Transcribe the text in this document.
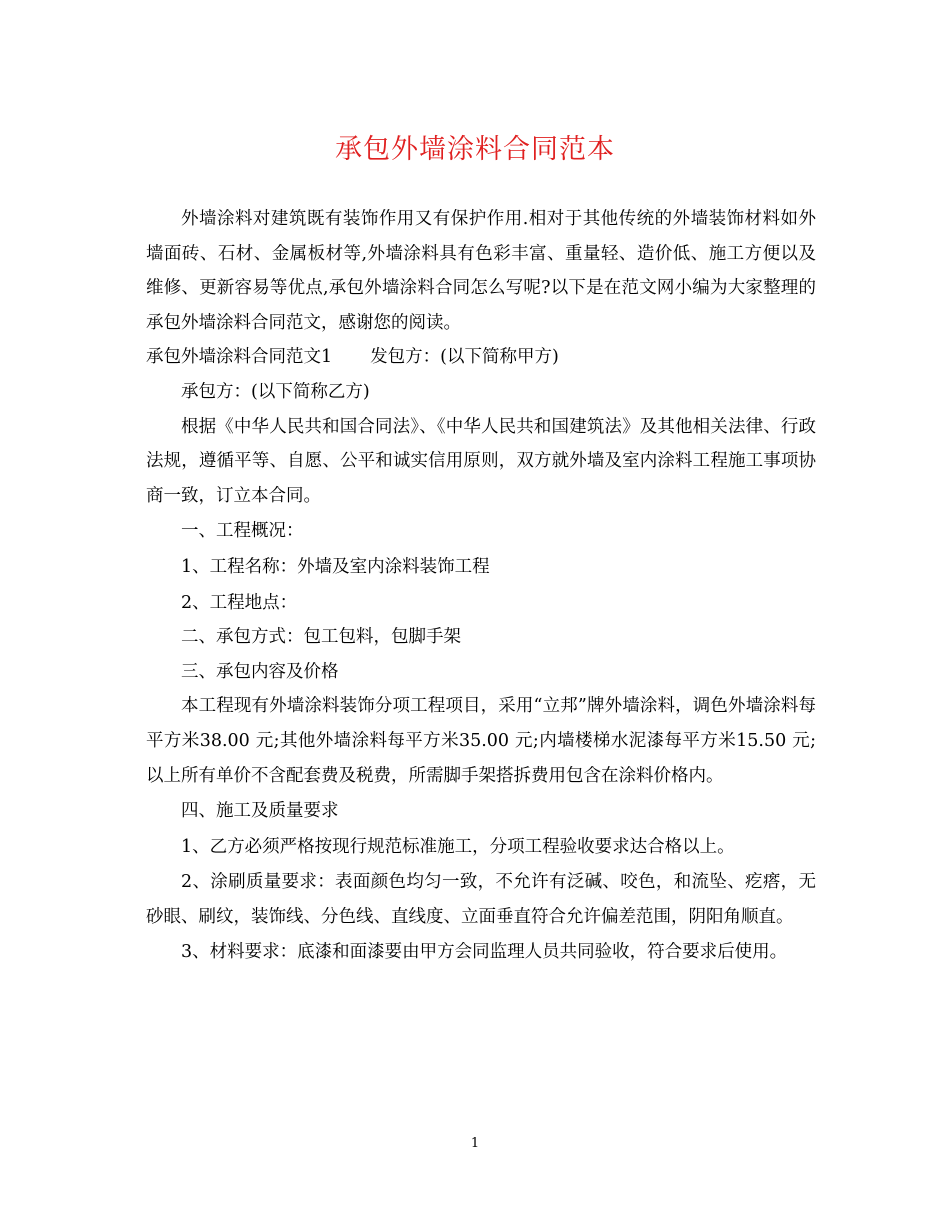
承包外墙涂料合同范本

外墙涂料对建筑既有装饰作用又有保护作用.相对于其他传统的外墙装饰材料如外墙面砖、石材、金属板材等,外墙涂料具有色彩丰富、重量轻、造价低、施工方便以及维修、更新容易等优点,承包外墙涂料合同怎么写呢?以下是在范文网小编为大家整理的承包外墙涂料合同范文，感谢您的阅读。

承包外墙涂料合同范文1 发包方：(以下简称甲方)

承包方：(以下简称乙方)

根据《中华人民共和国合同法》、《中华人民共和国建筑法》及其他相关法律、行政法规，遵循平等、自愿、公平和诚实信用原则，双方就外墙及室内涂料工程施工事项协商一致，订立本合同。

一、工程概况：

1、工程名称：外墙及室内涂料装饰工程

2、工程地点：

二、承包方式：包工包料，包脚手架

三、承包内容及价格

本工程现有外墙涂料装饰分项工程项目，采用“立邦”牌外墙涂料，调色外墙涂料每平方米38.00 元;其他外墙涂料每平方米35.00 元;内墙楼梯水泥漆每平方米15.50 元;以上所有单价不含配套费及税费，所需脚手架搭拆费用包含在涂料价格内。

四、施工及质量要求

1、乙方必须严格按现行规范标准施工，分项工程验收要求达合格以上。

2、涂刷质量要求：表面颜色均匀一致，不允许有泛碱、咬色，和流坠、疙瘩，无砂眼、刷纹，装饰线、分色线、直线度、立面垂直符合允许偏差范围，阴阳角顺直。

3、材料要求：底漆和面漆要由甲方会同监理人员共同验收，符合要求后使用。

1
